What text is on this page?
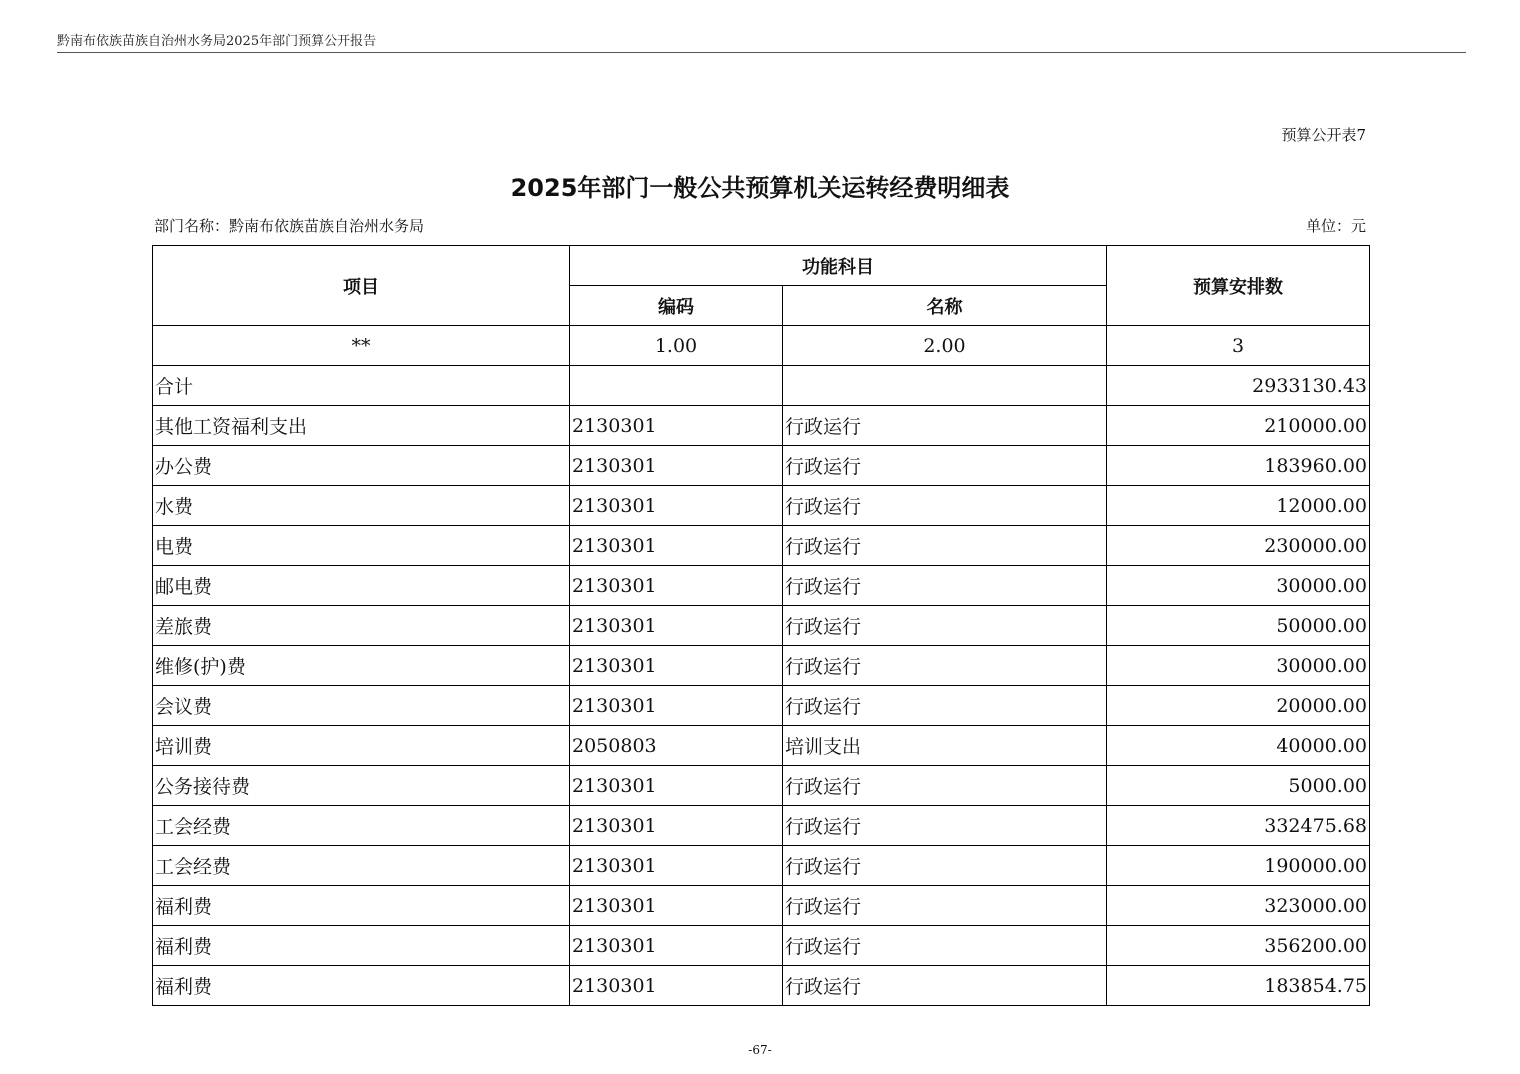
黔南布依族苗族自治州水务局2025年部门预算公开报告
预算公开表7
2025年部门一般公共预算机关运转经费明细表
部门名称：黔南布依族苗族自治州水务局	单位：元
项目	功能科目		预算安排数
	编码	名称	
**	1.00	2.00	3
合计			2933130.43
其他工资福利支出	2130301	行政运行	210000.00
办公费	2130301	行政运行	183960.00
水费	2130301	行政运行	12000.00
电费	2130301	行政运行	230000.00
邮电费	2130301	行政运行	30000.00
差旅费	2130301	行政运行	50000.00
维修(护)费	2130301	行政运行	30000.00
会议费	2130301	行政运行	20000.00
培训费	2050803	培训支出	40000.00
公务接待费	2130301	行政运行	5000.00
工会经费	2130301	行政运行	332475.68
工会经费	2130301	行政运行	190000.00
福利费	2130301	行政运行	323000.00
福利费	2130301	行政运行	356200.00
福利费	2130301	行政运行	183854.75
-67-
